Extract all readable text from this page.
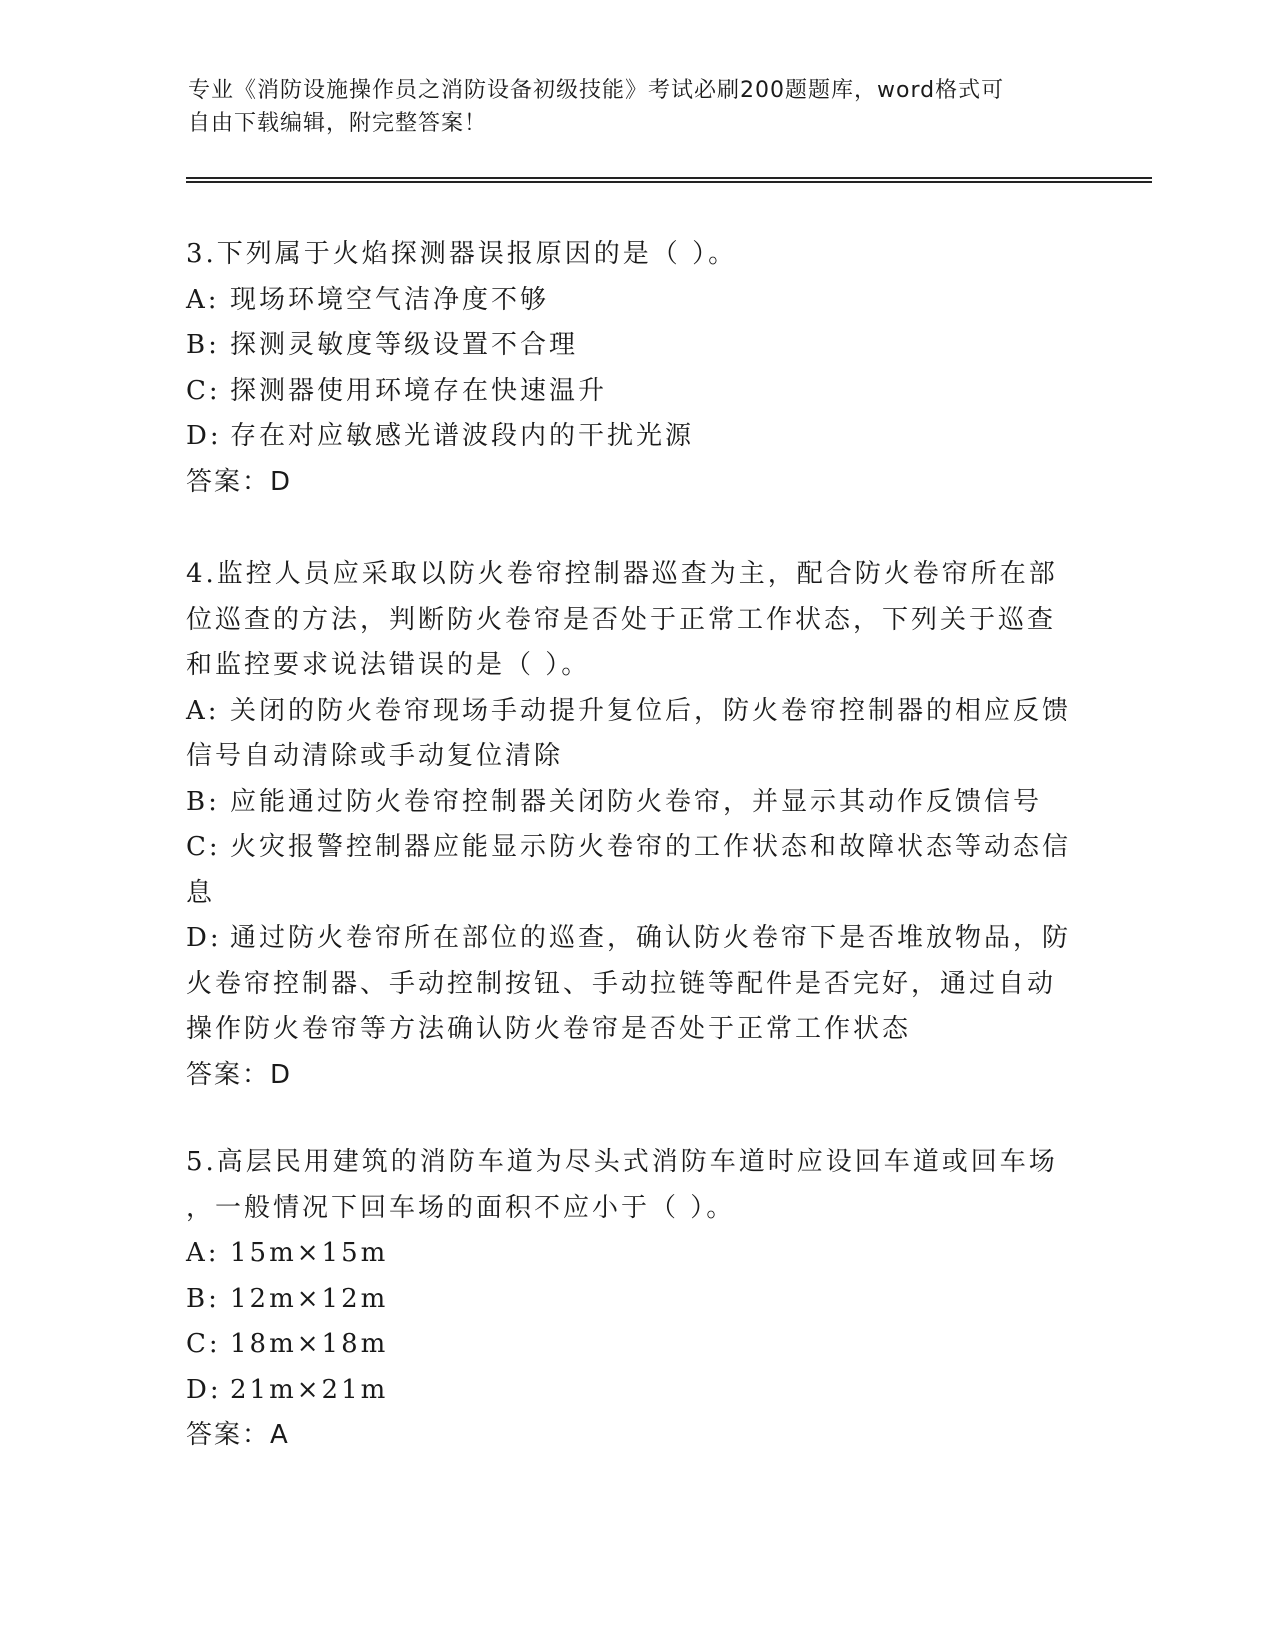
专业《消防设施操作员之消防设备初级技能》考试必刷200题题库，word格式可
自由下载编辑，附完整答案！
3.下列属于火焰探测器误报原因的是（ ）。
A: 现场环境空气洁净度不够
B: 探测灵敏度等级设置不合理
C: 探测器使用环境存在快速温升
D: 存在对应敏感光谱波段内的干扰光源
答案：D
4.监控人员应采取以防火卷帘控制器巡查为主，配合防火卷帘所在部
位巡查的方法，判断防火卷帘是否处于正常工作状态，下列关于巡查
和监控要求说法错误的是（ ）。
A: 关闭的防火卷帘现场手动提升复位后，防火卷帘控制器的相应反馈
信号自动清除或手动复位清除
B: 应能通过防火卷帘控制器关闭防火卷帘，并显示其动作反馈信号
C: 火灾报警控制器应能显示防火卷帘的工作状态和故障状态等动态信
息
D: 通过防火卷帘所在部位的巡查，确认防火卷帘下是否堆放物品，防
火卷帘控制器、手动控制按钮、手动拉链等配件是否完好，通过自动
操作防火卷帘等方法确认防火卷帘是否处于正常工作状态
答案：D
5.高层民用建筑的消防车道为尽头式消防车道时应设回车道或回车场
，一般情况下回车场的面积不应小于（ ）。
A: 15m×15m
B: 12m×12m
C: 18m×18m
D: 21m×21m
答案：A
